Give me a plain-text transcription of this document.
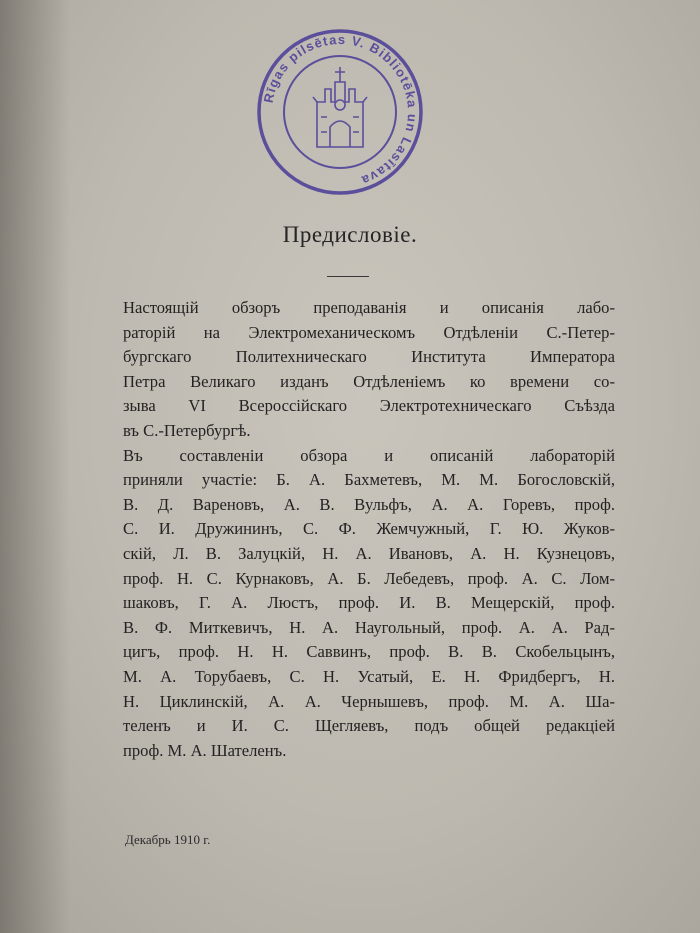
Rīgas pilsētas V. Bibliotēka un Lasītava
Предисловіе.
Настоящій обзоръ преподаванія и описанія лабо-
раторій на Электромеханическомъ Отдѣленіи С.-Петер-
бургскаго Политехническаго Института Императора
Петра Великаго изданъ Отдѣленіемъ ко времени со-
зыва VI Всероссійскаго Электротехническаго Съѣзда
въ С.-Петербургѣ.
Въ составленіи обзора и описаній лабораторій
приняли участіе: Б. А. Бахметевъ, М. М. Богословскій,
В. Д. Вареновъ, А. В. Вульфъ, А. А. Горевъ, проф.
С. И. Дружининъ, С. Ф. Жемчужный, Г. Ю. Жуков-
скій, Л. В. Залуцкій, Н. А. Ивановъ, А. Н. Кузнецовъ,
проф. Н. С. Курнаковъ, А. Б. Лебедевъ, проф. А. С. Лом-
шаковъ, Г. А. Люстъ, проф. И. В. Мещерскій, проф.
В. Ф. Миткевичъ, Н. А. Наугольный, проф. А. А. Рад-
цигъ, проф. Н. Н. Саввинъ, проф. В. В. Скобельцынъ,
М. А. Торубаевъ, С. Н. Усатый, Е. Н. Фридбергъ, Н.
Н. Циклинскій, А. А. Чернышевъ, проф. М. А. Ша-
теленъ и И. С. Щегляевъ, подъ общей редакціей
проф. М. А. Шателенъ.
Декабрь 1910 г.
